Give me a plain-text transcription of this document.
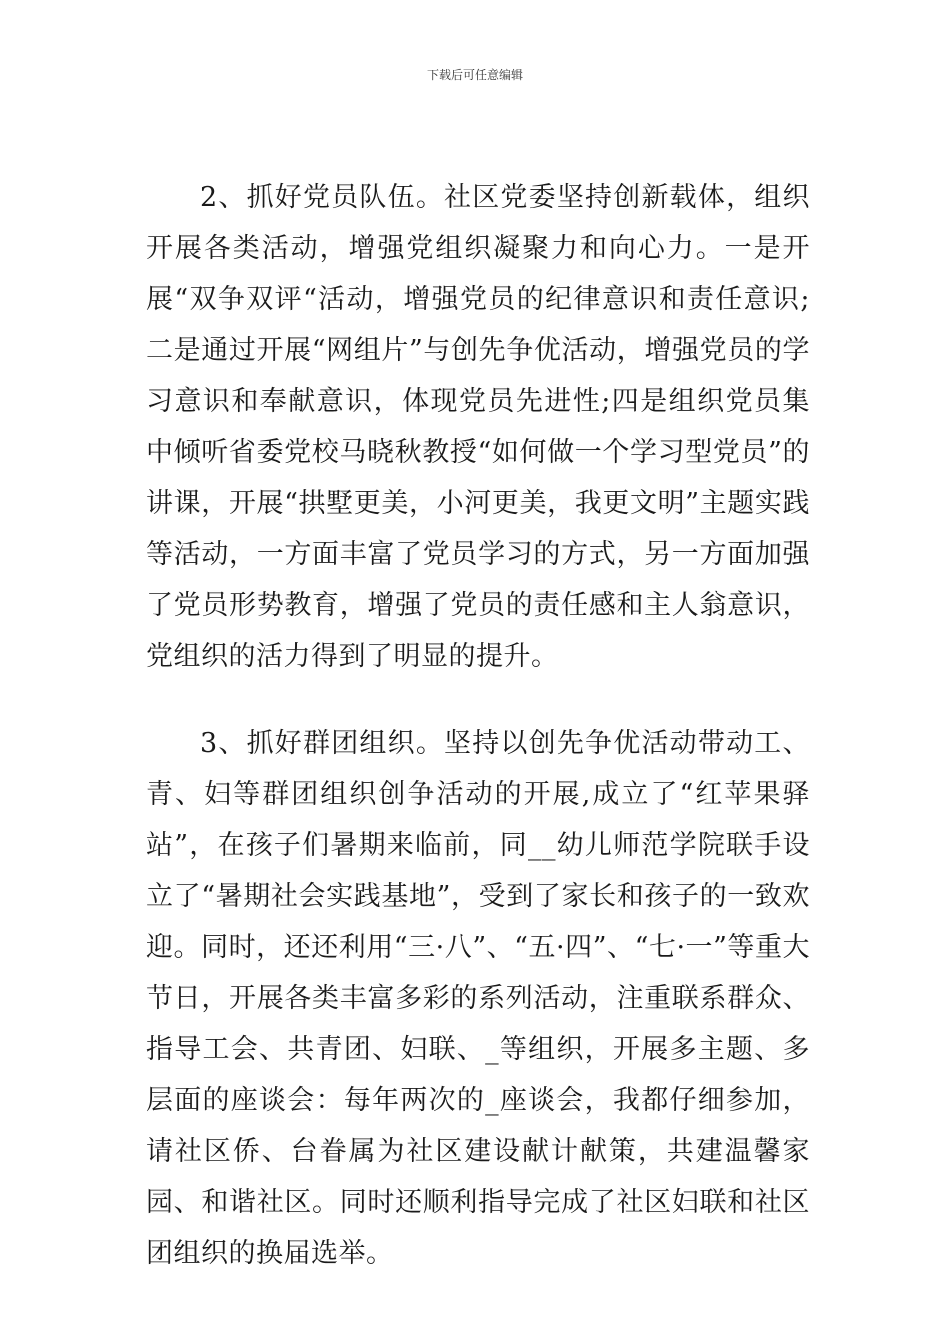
下载后可任意编辑

2、抓好党员队伍。社区党委坚持创新载体，组织开展各类活动，增强党组织凝聚力和向心力。一是开展“双争双评“活动，增强党员的纪律意识和责任意识;二是通过开展“网组片”与创先争优活动，增强党员的学习意识和奉献意识，体现党员先进性;四是组织党员集中倾听省委党校马晓秋教授“如何做一个学习型党员”的讲课，开展“拱墅更美，小河更美，我更文明”主题实践等活动，一方面丰富了党员学习的方式，另一方面加强了党员形势教育，增强了党员的责任感和主人翁意识，党组织的活力得到了明显的提升。

3、抓好群团组织。坚持以创先争优活动带动工、青、妇等群团组织创争活动的开展,成立了“红苹果驿站”，在孩子们暑期来临前，同__幼儿师范学院联手设立了“暑期社会实践基地”，受到了家长和孩子的一致欢迎。同时，还还利用“三·八”、“五·四”、“七·一”等重大节日，开展各类丰富多彩的系列活动，注重联系群众、指导工会、共青团、妇联、_等组织，开展多主题、多层面的座谈会：每年两次的_座谈会，我都仔细参加，请社区侨、台眷属为社区建设献计献策，共建温馨家园、和谐社区。同时还顺利指导完成了社区妇联和社区团组织的换届选举。
